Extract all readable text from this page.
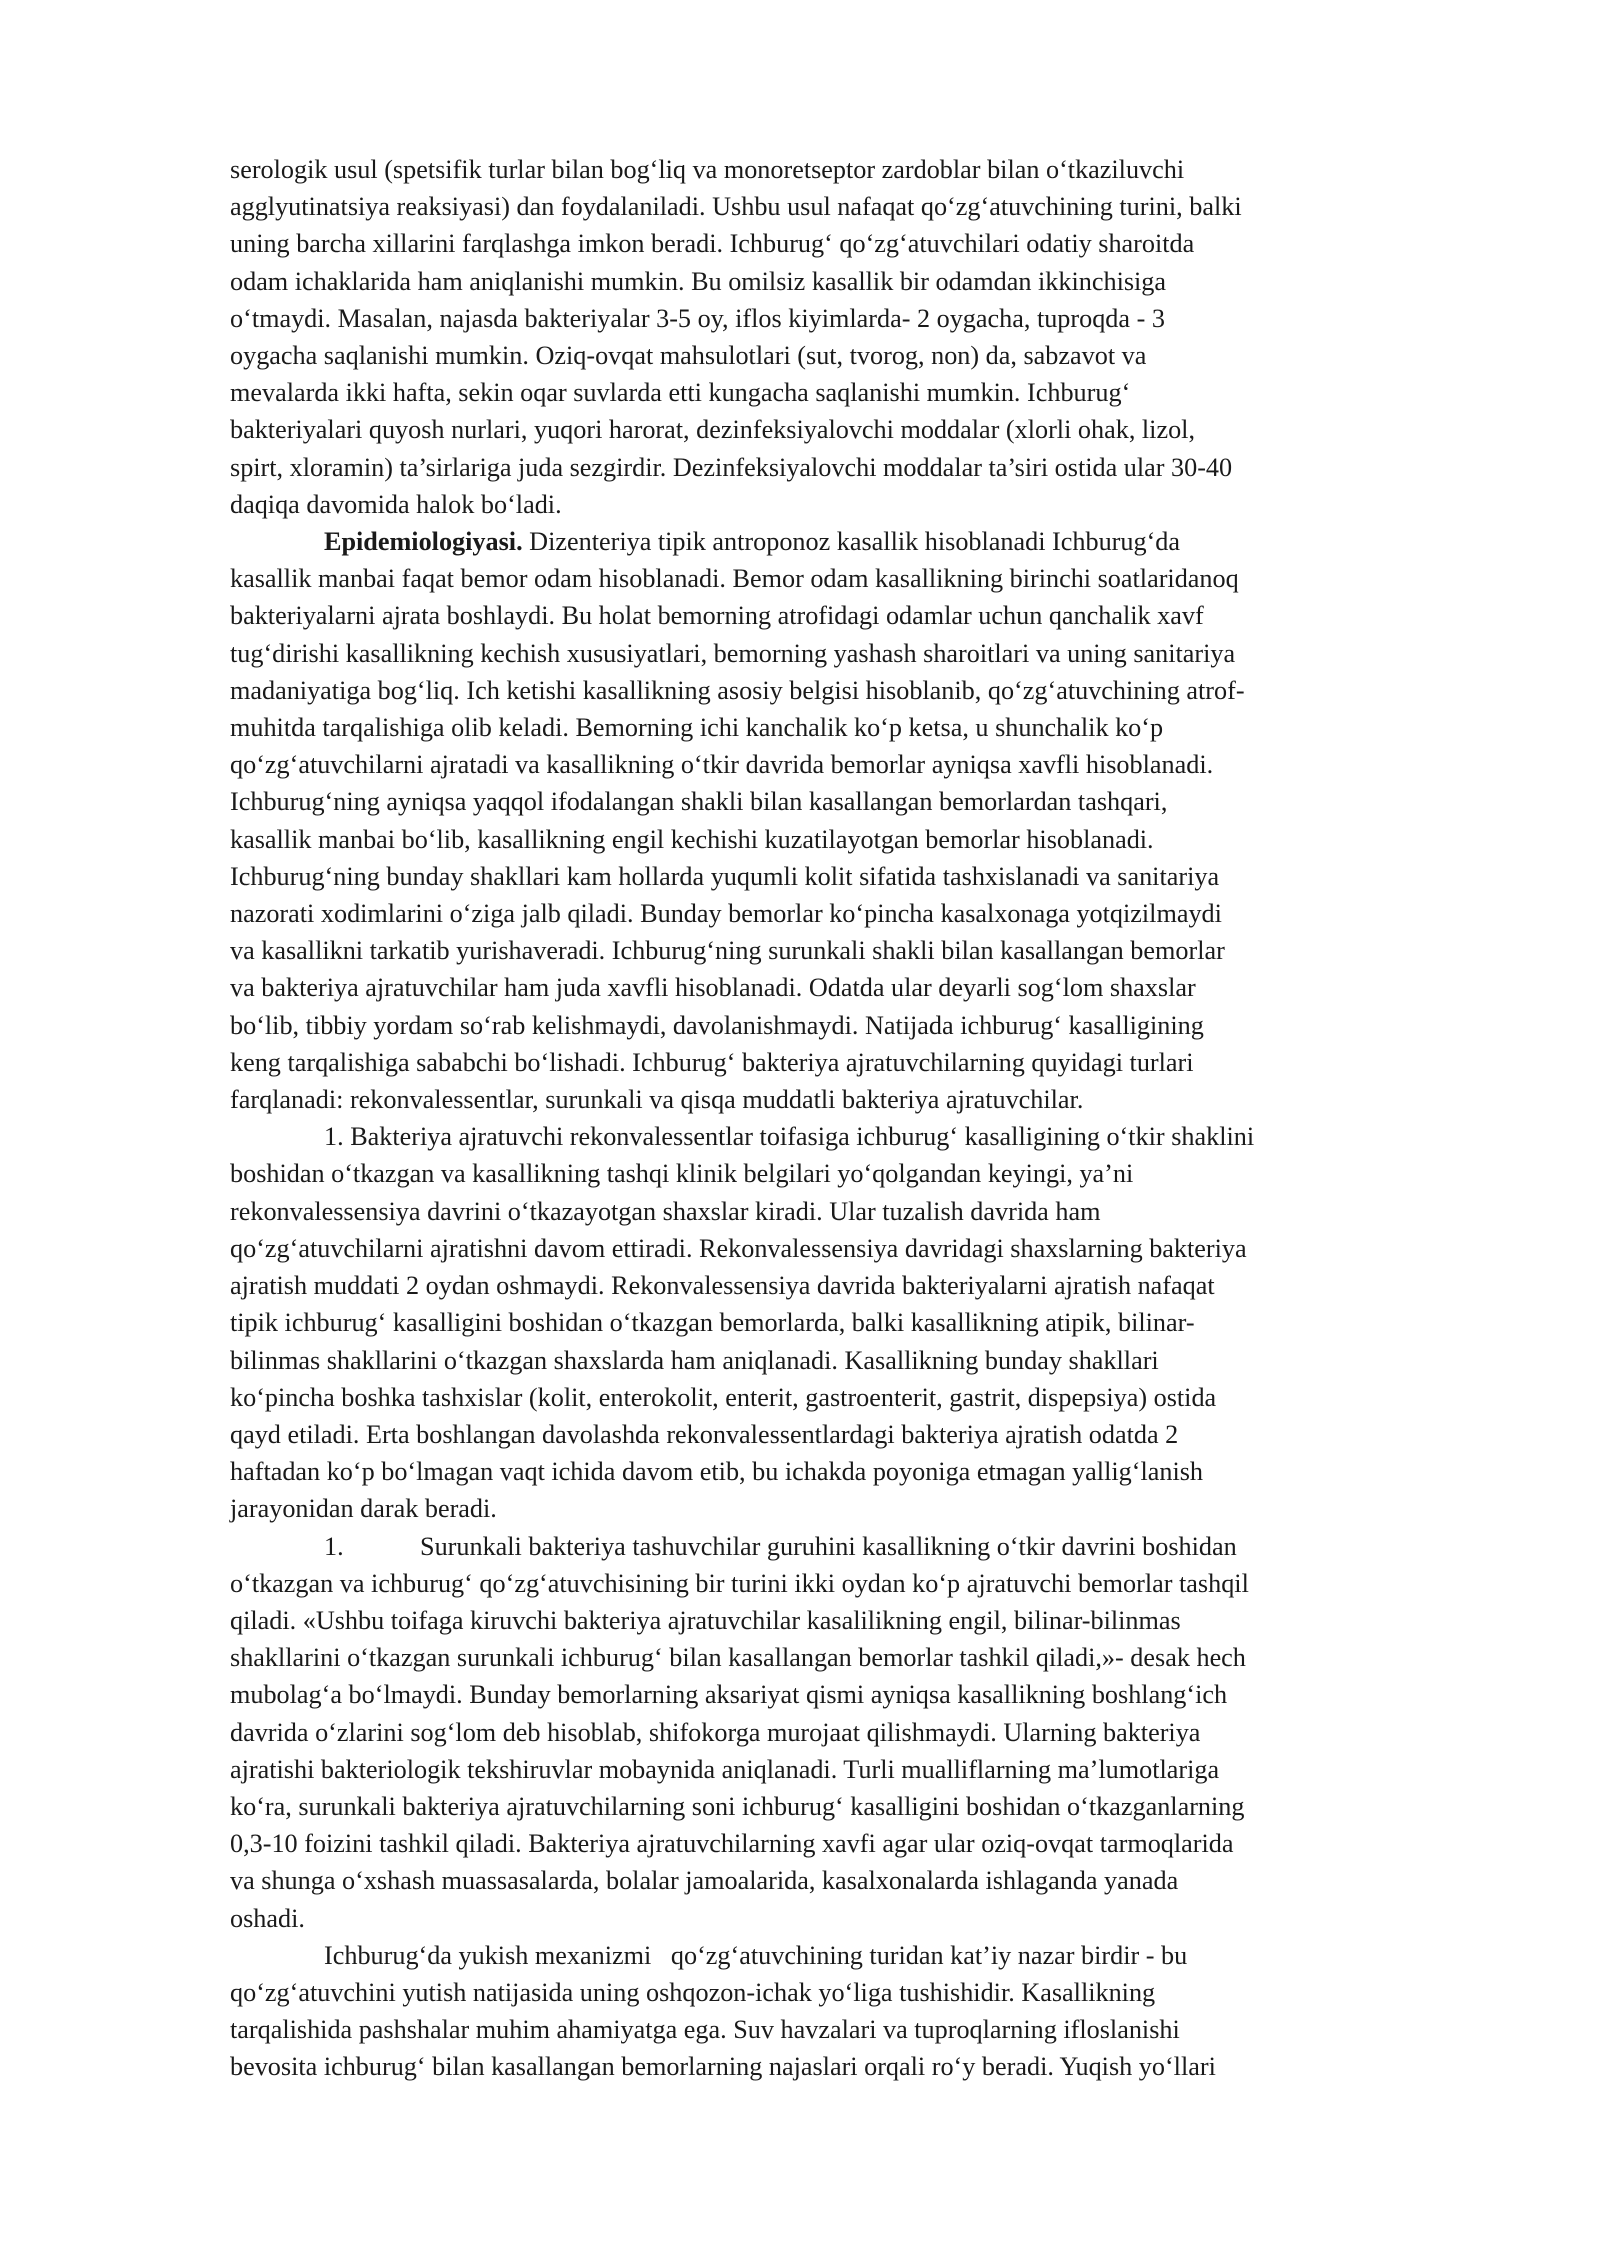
serologik usul (spetsifik turlar bilan bog‘liq va monoretseptor zardoblar bilan o‘tkaziluvchi
agglyutinatsiya reaksiyasi) dan foydalaniladi. Ushbu usul nafaqat qo‘zg‘atuvchining turini, balki
uning barcha xillarini farqlashga imkon beradi. Ichburug‘ qo‘zg‘atuvchilari odatiy sharoitda
odam ichaklarida ham aniqlanishi mumkin. Bu omilsiz kasallik bir odamdan ikkinchisiga
o‘tmaydi. Masalan, najasda bakteriyalar 3-5 oy, iflos kiyimlarda- 2 oygacha, tuproqda - 3
oygacha saqlanishi mumkin. Oziq-ovqat mahsulotlari (sut, tvorog, non) da, sabzavot va
mevalarda ikki hafta, sekin oqar suvlarda etti kungacha saqlanishi mumkin. Ichburug‘
bakteriyalari quyosh nurlari, yuqori harorat, dezinfeksiyalovchi moddalar (xlorli ohak, lizol,
spirt, xloramin) ta’sirlariga juda sezgirdir. Dezinfeksiyalovchi moddalar ta’siri ostida ular 30-40
daqiqa davomida halok bo‘ladi.
Epidemiologiyasi. Dizenteriya tipik antroponoz kasallik hisoblanadi Ichburug‘da
kasallik manbai faqat bemor odam hisoblanadi. Bemor odam kasallikning birinchi soatlaridanoq
bakteriyalarni ajrata boshlaydi. Bu holat bemorning atrofidagi odamlar uchun qanchalik xavf
tug‘dirishi kasallikning kechish xususiyatlari, bemorning yashash sharoitlari va uning sanitariya
madaniyatiga bog‘liq. Ich ketishi kasallikning asosiy belgisi hisoblanib, qo‘zg‘atuvchining atrof-
muhitda tarqalishiga olib keladi. Bemorning ichi kanchalik ko‘p ketsa, u shunchalik ko‘p
qo‘zg‘atuvchilarni ajratadi va kasallikning o‘tkir davrida bemorlar ayniqsa xavfli hisoblanadi.
Ichburug‘ning ayniqsa yaqqol ifodalangan shakli bilan kasallangan bemorlardan tashqari,
kasallik manbai bo‘lib, kasallikning engil kechishi kuzatilayotgan bemorlar hisoblanadi.
Ichburug‘ning bunday shakllari kam hollarda yuqumli kolit sifatida tashxislanadi va sanitariya
nazorati xodimlarini o‘ziga jalb qiladi. Bunday bemorlar ko‘pincha kasalxonaga yotqizilmaydi
va kasallikni tarkatib yurishaveradi. Ichburug‘ning surunkali shakli bilan kasallangan bemorlar
va bakteriya ajratuvchilar ham juda xavfli hisoblanadi. Odatda ular deyarli sog‘lom shaxslar
bo‘lib, tibbiy yordam so‘rab kelishmaydi, davolanishmaydi. Natijada ichburug‘ kasalligining
keng tarqalishiga sababchi bo‘lishadi. Ichburug‘ bakteriya ajratuvchilarning quyidagi turlari
farqlanadi: rekonvalessentlar, surunkali va qisqa muddatli bakteriya ajratuvchilar.
1. Bakteriya ajratuvchi rekonvalessentlar toifasiga ichburug‘ kasalligining o‘tkir shaklini
boshidan o‘tkazgan va kasallikning tashqi klinik belgilari yo‘qolgandan keyingi, ya’ni
rekonvalessensiya davrini o‘tkazayotgan shaxslar kiradi. Ular tuzalish davrida ham
qo‘zg‘atuvchilarni ajratishni davom ettiradi. Rekonvalessensiya davridagi shaxslarning bakteriya
ajratish muddati 2 oydan oshmaydi. Rekonvalessensiya davrida bakteriyalarni ajratish nafaqat
tipik ichburug‘ kasalligini boshidan o‘tkazgan bemorlarda, balki kasallikning atipik, bilinar-
bilinmas shakllarini o‘tkazgan shaxslarda ham aniqlanadi. Kasallikning bunday shakllari
ko‘pincha boshka tashxislar (kolit, enterokolit, enterit, gastroenterit, gastrit, dispepsiya) ostida
qayd etiladi. Erta boshlangan davolashda rekonvalessentlardagi bakteriya ajratish odatda 2
haftadan ko‘p bo‘lmagan vaqt ichida davom etib, bu ichakda poyoniga etmagan yallig‘lanish
jarayonidan darak beradi.
1.	Surunkali bakteriya tashuvchilar guruhini kasallikning o‘tkir davrini boshidan
o‘tkazgan va ichburug‘ qo‘zg‘atuvchisining bir turini ikki oydan ko‘p ajratuvchi bemorlar tashqil
qiladi. «Ushbu toifaga kiruvchi bakteriya ajratuvchilar kasalilikning engil, bilinar-bilinmas
shakllarini o‘tkazgan surunkali ichburug‘ bilan kasallangan bemorlar tashkil qiladi,»- desak hech
mubolag‘a bo‘lmaydi. Bunday bemorlarning aksariyat qismi ayniqsa kasallikning boshlang‘ich
davrida o‘zlarini sog‘lom deb hisoblab, shifokorga murojaat qilishmaydi. Ularning bakteriya
ajratishi bakteriologik tekshiruvlar mobaynida aniqlanadi. Turli mualliflarning ma’lumotlariga
ko‘ra, surunkali bakteriya ajratuvchilarning soni ichburug‘ kasalligini boshidan o‘tkazganlarning
0,3-10 foizini tashkil qiladi. Bakteriya ajratuvchilarning xavfi agar ular oziq-ovqat tarmoqlarida
va shunga o‘xshash muassasalarda, bolalar jamoalarida, kasalxonalarda ishlaganda yanada
oshadi.
Ichburug‘da yukish mexanizmi   qo‘zg‘atuvchining turidan kat’iy nazar birdir - bu
qo‘zg‘atuvchini yutish natijasida uning oshqozon-ichak yo‘liga tushishidir. Kasallikning
tarqalishida pashshalar muhim ahamiyatga ega. Suv havzalari va tuproqlarning ifloslanishi
bevosita ichburug‘ bilan kasallangan bemorlarning najaslari orqali ro‘y beradi. Yuqish yo‘llari
